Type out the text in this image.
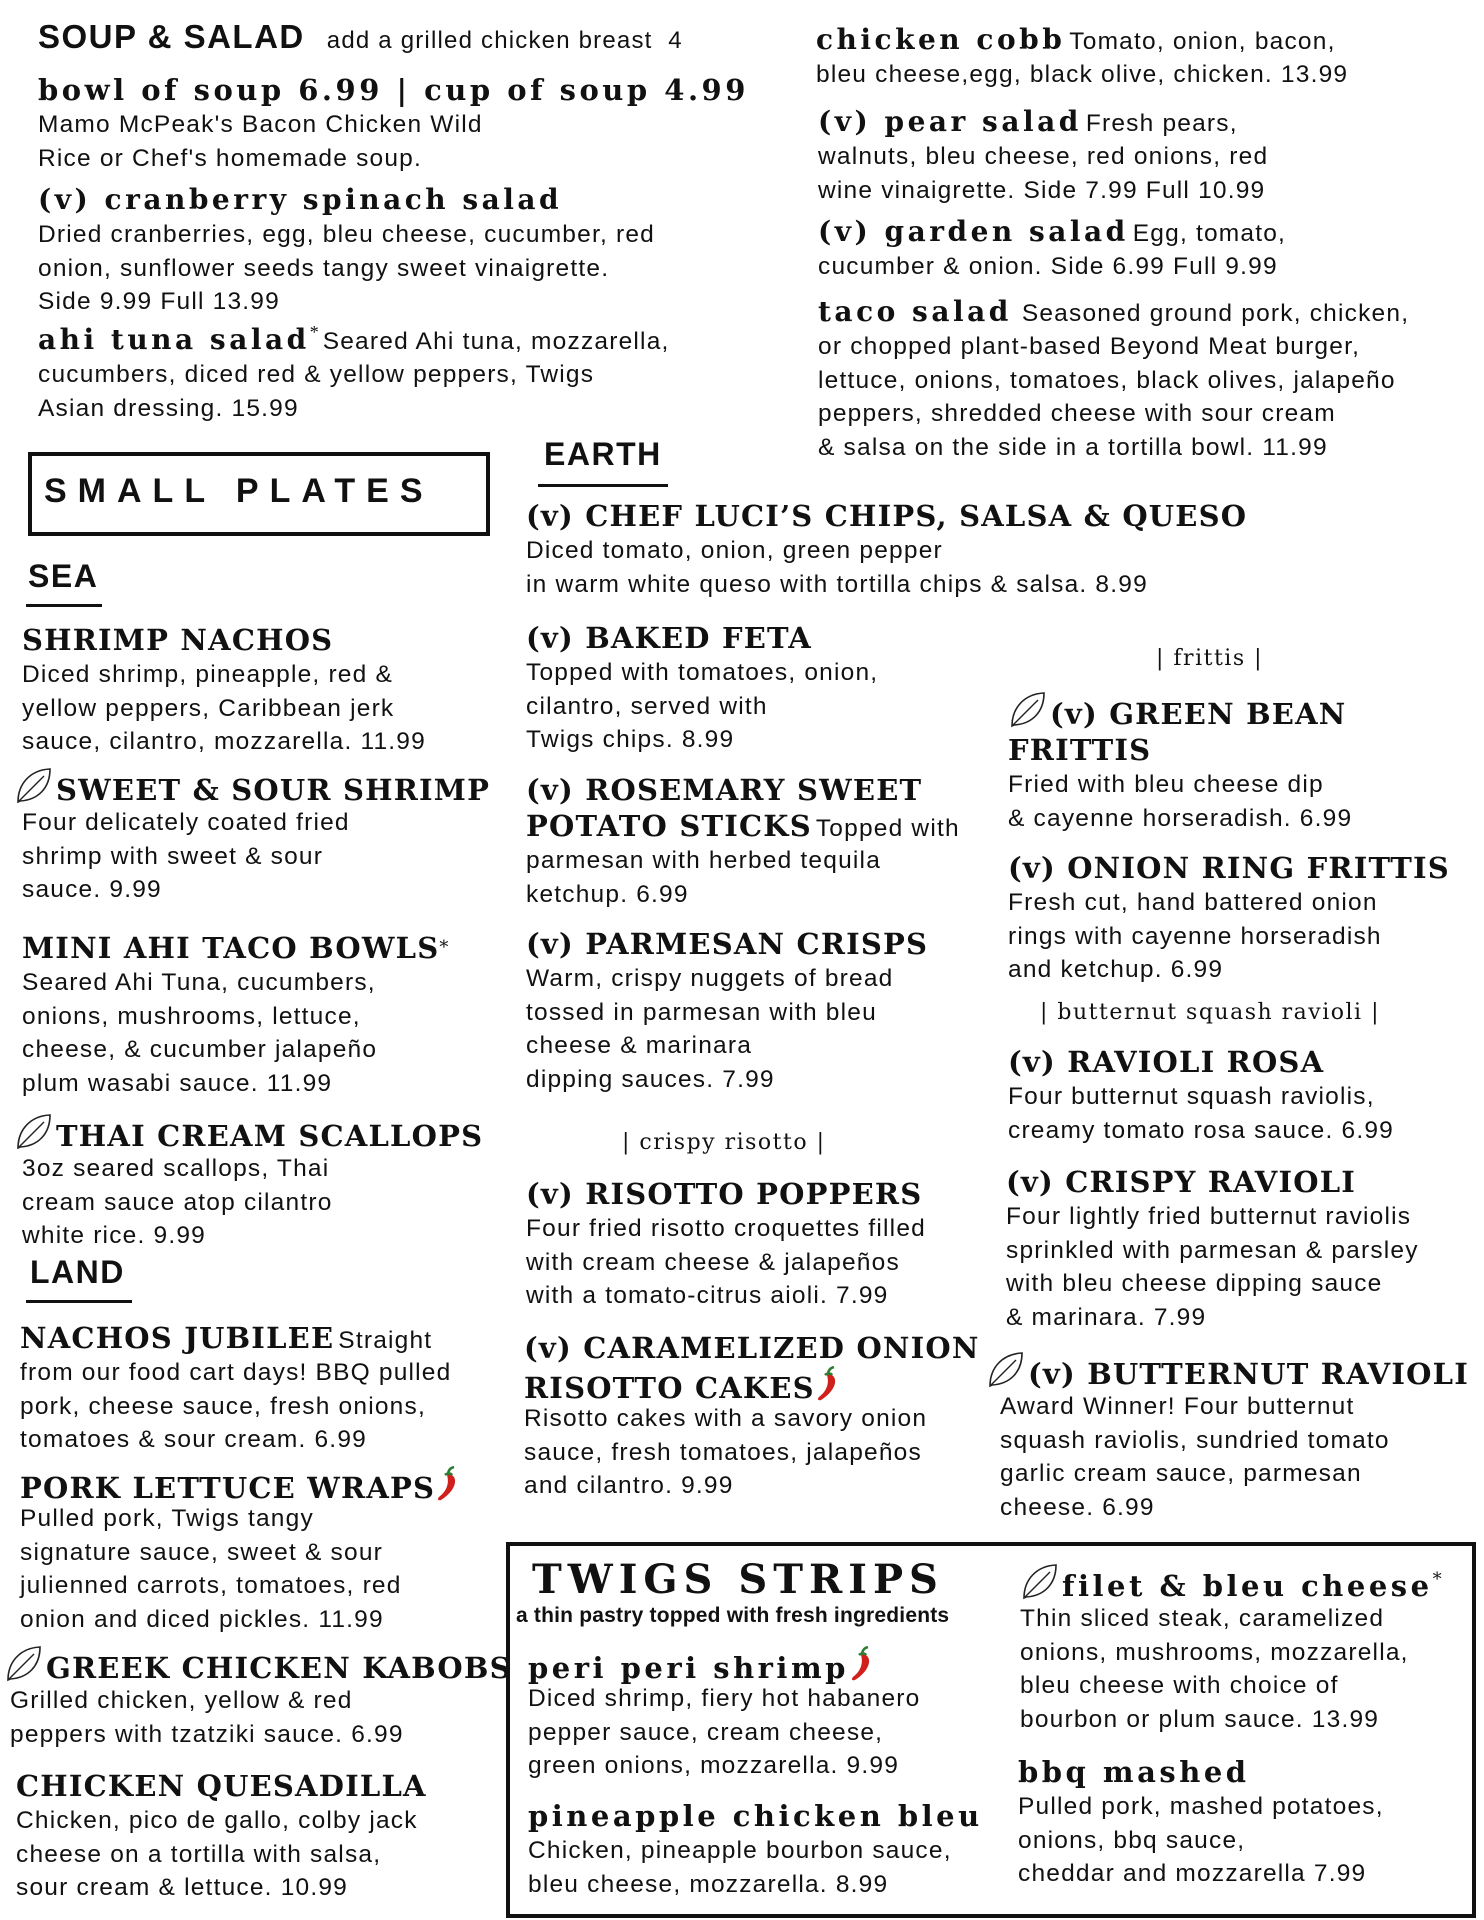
SOUP & SALAD add a grilled chicken breast  4
bowl of soup 6.99 | cup of soup 4.99
Mamo McPeak's Bacon Chicken Wild
Rice or Chef's homemade soup.
(v) cranberry spinach salad
Dried cranberries, egg, bleu cheese, cucumber, red
onion, sunflower seeds tangy sweet vinaigrette.
Side 9.99 Full 13.99
ahi tuna salad* Seared Ahi tuna, mozzarella,
cucumbers, diced red & yellow peppers, Twigs
Asian dressing. 15.99
chicken cobb Tomato, onion, bacon,
bleu cheese,egg, black olive, chicken. 13.99
(v) pear salad Fresh pears,
walnuts, bleu cheese, red onions, red
wine vinaigrette. Side 7.99 Full 10.99
(v) garden salad Egg, tomato,
cucumber & onion. Side 6.99 Full 9.99
taco salad Seasoned ground pork, chicken,
or chopped plant-based Beyond Meat burger,
lettuce, onions, tomatoes, black olives, jalapeño
peppers, shredded cheese with sour cream
& salsa on the side in a tortilla bowl. 11.99
SMALL PLATES
EARTH
SEA
SHRIMP NACHOS
Diced shrimp, pineapple, red &
yellow peppers, Caribbean jerk
sauce, cilantro, mozzarella. 11.99
SWEET & SOUR SHRIMP
Four delicately coated fried
shrimp with sweet & sour
sauce. 9.99
MINI AHI TACO BOWLS*
Seared Ahi Tuna, cucumbers,
onions, mushrooms, lettuce,
cheese, & cucumber jalapeño
plum wasabi sauce. 11.99
THAI CREAM SCALLOPS
3oz seared scallops, Thai
cream sauce atop cilantro
white rice. 9.99
LAND
NACHOS JUBILEE Straight
from our food cart days! BBQ pulled
pork, cheese sauce, fresh onions,
tomatoes & sour cream. 6.99
PORK LETTUCE WRAPS
Pulled pork, Twigs tangy
signature sauce, sweet & sour
julienned carrots, tomatoes, red
onion and diced pickles. 11.99
GREEK CHICKEN KABOBS
Grilled chicken, yellow & red
peppers with tzatziki sauce. 6.99
CHICKEN QUESADILLA
Chicken, pico de gallo, colby jack
cheese on a tortilla with salsa,
sour cream & lettuce. 10.99
(v) CHEF LUCI’S CHIPS, SALSA & QUESO
Diced tomato, onion, green pepper
in warm white queso with tortilla chips & salsa. 8.99
(v) BAKED FETA
Topped with tomatoes, onion,
cilantro, served with
Twigs chips. 8.99
(v) ROSEMARY SWEET
POTATO STICKS Topped with
parmesan with herbed tequila
ketchup. 6.99
(v) PARMESAN CRISPS
Warm, crispy nuggets of bread
tossed in parmesan with bleu
cheese & marinara
dipping sauces. 7.99
| crispy risotto |
(v) RISOTTO POPPERS
Four fried risotto croquettes filled
with cream cheese & jalapeños
with a tomato-citrus aioli. 7.99
(v) CARAMELIZED ONION
RISOTTO CAKES
Risotto cakes with a savory onion
sauce, fresh tomatoes, jalapeños
and cilantro. 9.99
| frittis |
(v) GREEN BEAN
FRITTIS
Fried with bleu cheese dip
& cayenne horseradish. 6.99
(v) ONION RING FRITTIS
Fresh cut, hand battered onion
rings with cayenne horseradish
and ketchup. 6.99
| butternut squash ravioli |
(v) RAVIOLI ROSA
Four butternut squash raviolis,
creamy tomato rosa sauce. 6.99
(v) CRISPY RAVIOLI
Four lightly fried butternut raviolis
sprinkled with parmesan & parsley
with bleu cheese dipping sauce
& marinara. 7.99
(v) BUTTERNUT RAVIOLI
Award Winner! Four butternut
squash raviolis, sundried tomato
garlic cream sauce, parmesan
cheese. 6.99
TWIGS STRIPS
a thin pastry topped with fresh ingredients
peri peri shrimp
Diced shrimp, fiery hot habanero
pepper sauce, cream cheese,
green onions, mozzarella. 9.99
pineapple chicken bleu
Chicken, pineapple bourbon sauce,
bleu cheese, mozzarella. 8.99
filet & bleu cheese*
Thin sliced steak, caramelized
onions, mushrooms, mozzarella,
bleu cheese with choice of
bourbon or plum sauce. 13.99
bbq mashed
Pulled pork, mashed potatoes,
onions, bbq sauce,
cheddar and mozzarella 7.99
